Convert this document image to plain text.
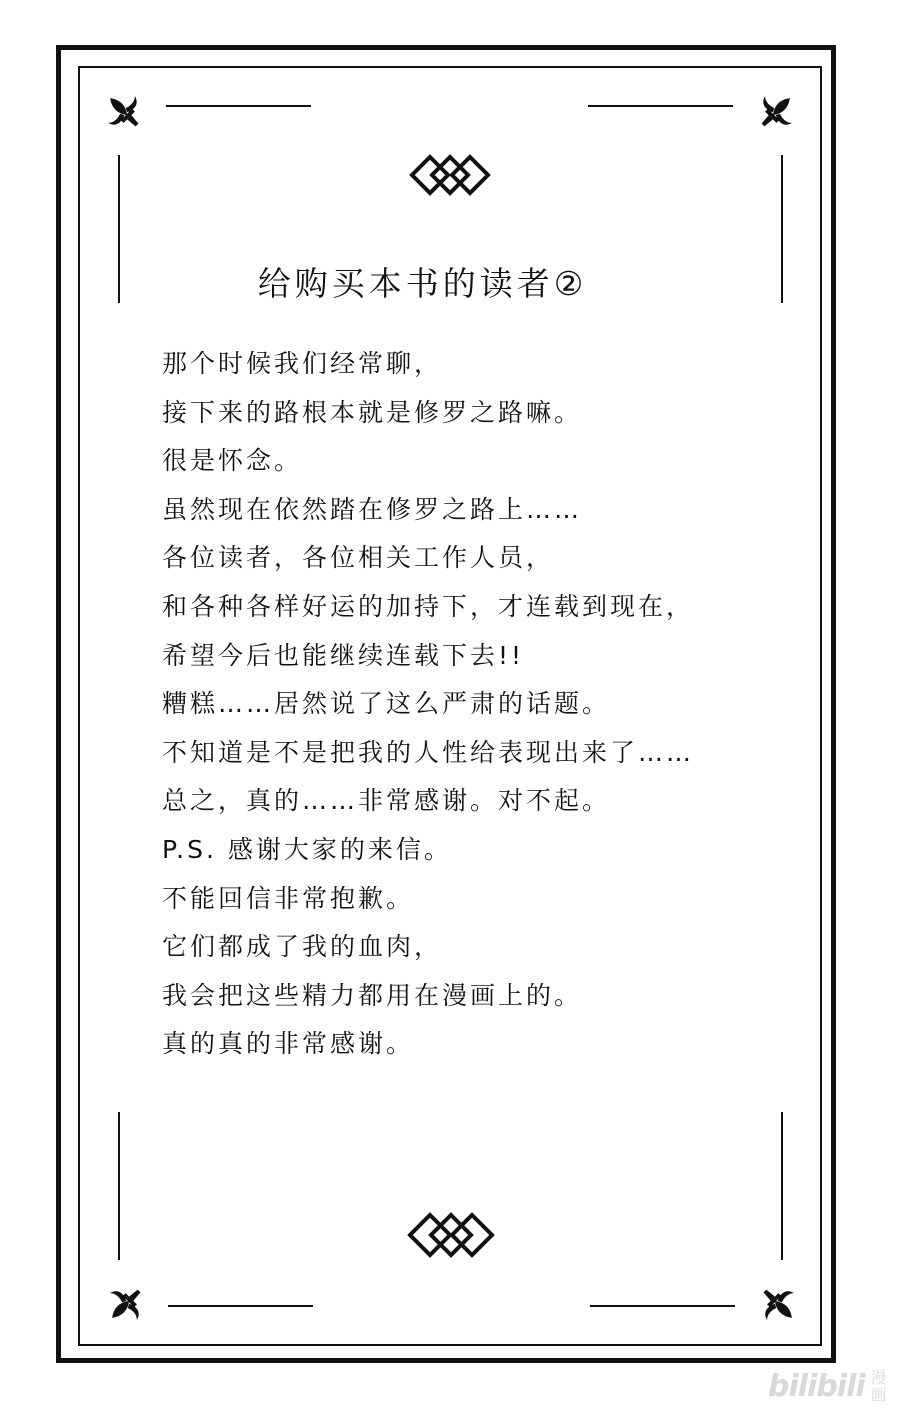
给购买本书的读者②
那个时候我们经常聊，
接下来的路根本就是修罗之路嘛。
很是怀念。
虽然现在依然踏在修罗之路上……
各位读者，各位相关工作人员，
和各种各样好运的加持下，才连载到现在，
希望今后也能继续连载下去!!
糟糕……居然说了这么严肃的话题。
不知道是不是把我的人性给表现出来了……
总之，真的……非常感谢。对不起。
P.S. 感谢大家的来信。
不能回信非常抱歉。
它们都成了我的血肉，
我会把这些精力都用在漫画上的。
真的真的非常感谢。
bilibili 漫画
